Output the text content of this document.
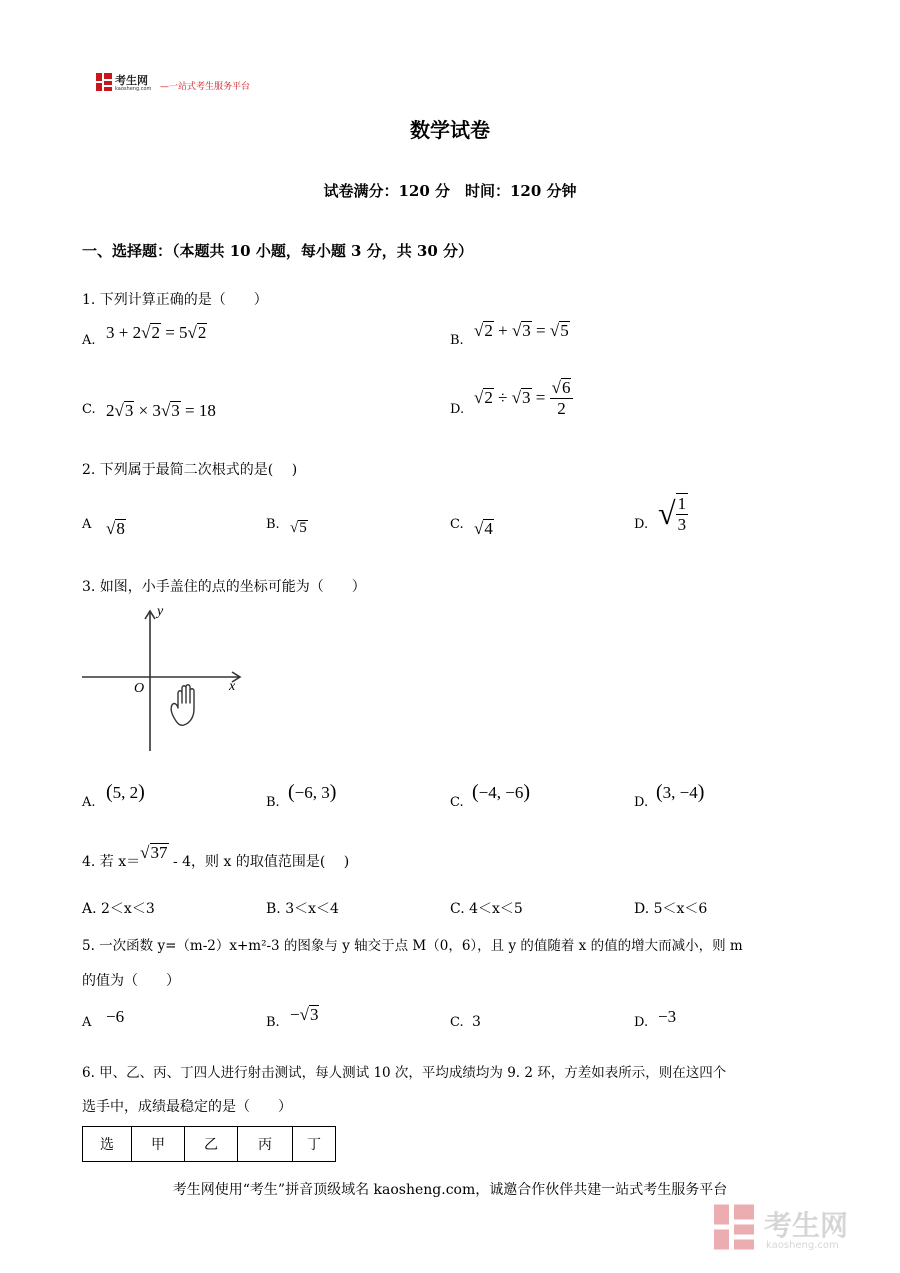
考生网
kaosheng.com —一站式考生服务平台
数学试卷
试卷满分：120 分　时间：120 分钟
一、选择题：（本题共 10 小题，每小题 3 分，共 30 分）
1. 下列计算正确的是（　　）
A. 3 + 2√2 = 5√2	B.
√2 + √3 = √5
C. 2√3 × 3√3 = 18	D.
$√2 \div √3 = \frac{√6}{2}$
2. 下列属于最简二次根式的是(　 )
A √8	B. √5	C. √4	D. √ $\frac{1}{3}$
3. 如图，小手盖住的点的坐标可能为（　　）
x
y
O
A. (5, 2)	B. (−6, 3)	C. (−4, −6)	D. (3, −4)
4. 若 x＝√37 - 4，则 x 的取值范围是(　 )
A. 2＜x＜3	B. 3＜x＜4	C. 4＜x＜5	D. 5＜x＜6
5. 一次函数 y=（m-2）x+m²-3 的图象与 y 轴交于点 M（0，6），且 y 的值随着 x 的值的增大而减小，则 m
的值为（　　）
A −6	B. −√3	C. 3	D. −3
6. 甲、乙、丙、丁四人进行射击测试，每人测试 10 次，平均成绩均为 9. 2 环，方差如表所示，则在这四个
选手中，成绩最稳定的是（　　）
选	甲	乙	丙	丁
考生网使用“考生”拼音顶级域名 kaosheng.com，诚邀合作伙伴共建一站式考生服务平台
考生网
kaosheng.com
